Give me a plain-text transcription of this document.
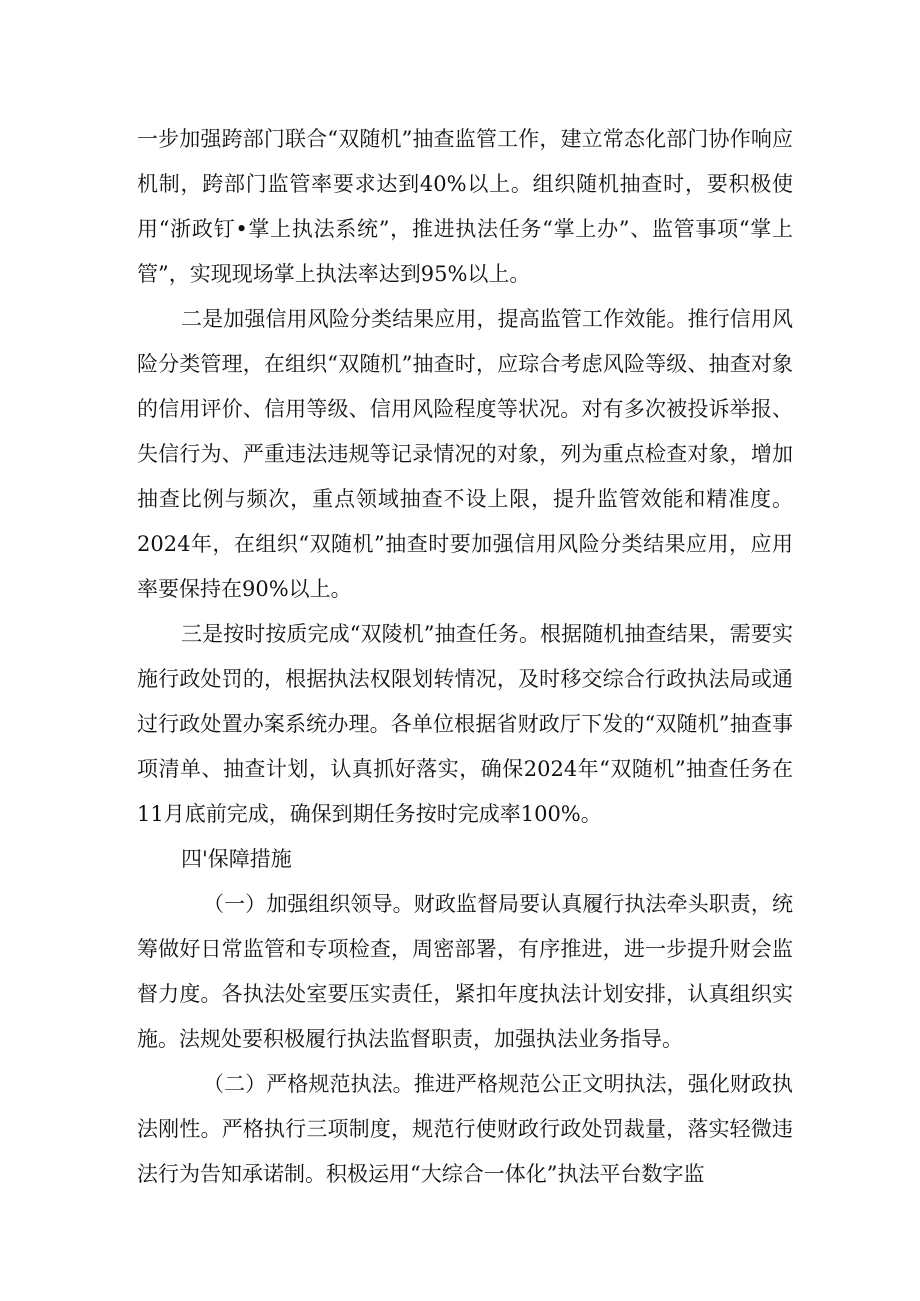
一步加强跨部门联合“双随机”抽查监管工作，建立常态化部门协作响应机制，跨部门监管率要求达到40%以上。组织随机抽查时，要积极使用“浙政钉•掌上执法系统”，推进执法任务“掌上办”、监管事项“掌上管”，实现现场掌上执法率达到95%以上。

二是加强信用风险分类结果应用，提高监管工作效能。推行信用风险分类管理，在组织“双随机”抽查时，应琮合考虑风险等级、抽查对象的信用评价、信用等级、信用风险程度等状况。对有多次被投诉举报、失信行为、严重违法违规等记录情况的对象，列为重点检查对象，增加抽查比例与频次，重点领域抽查不设上限，提升监管效能和精准度。2024年，在组织“双随机”抽查时要加强信用风险分类结果应用，应用率要保持在90%以上。

三是按时按质完成“双陵机”抽查任务。根据随机抽查结果，需要实施行政处罚的，根据执法权限划转情况，及时移交综合行政执法局或通过行政处置办案系统办理。各单位根据省财政厅下发的“双随机”抽查事项清单、抽查计划，认真抓好落实，确保2024年“双随机”抽查任务在11月底前完成，确保到期任务按时完成率100%。

四'保障措施

（一）加强组织领导。财政监督局要认真履行执法牵头职责，统筹做好日常监管和专项检查，周密部署，有序推进，进一步提升财会监督力度。各执法处室要压实责任，紧扣年度执法计划安排，认真组织实施。法规处要积极履行执法监督职责，加强执法业务指导。

（二）严格规范执法。推进严格规范公正文明执法，强化财政执法刚性。严格执行三项制度，规范行使财政行政处罚裁量，落实轻微违法行为告知承诺制。积极运用“大综合一体化”执法平台数字监
